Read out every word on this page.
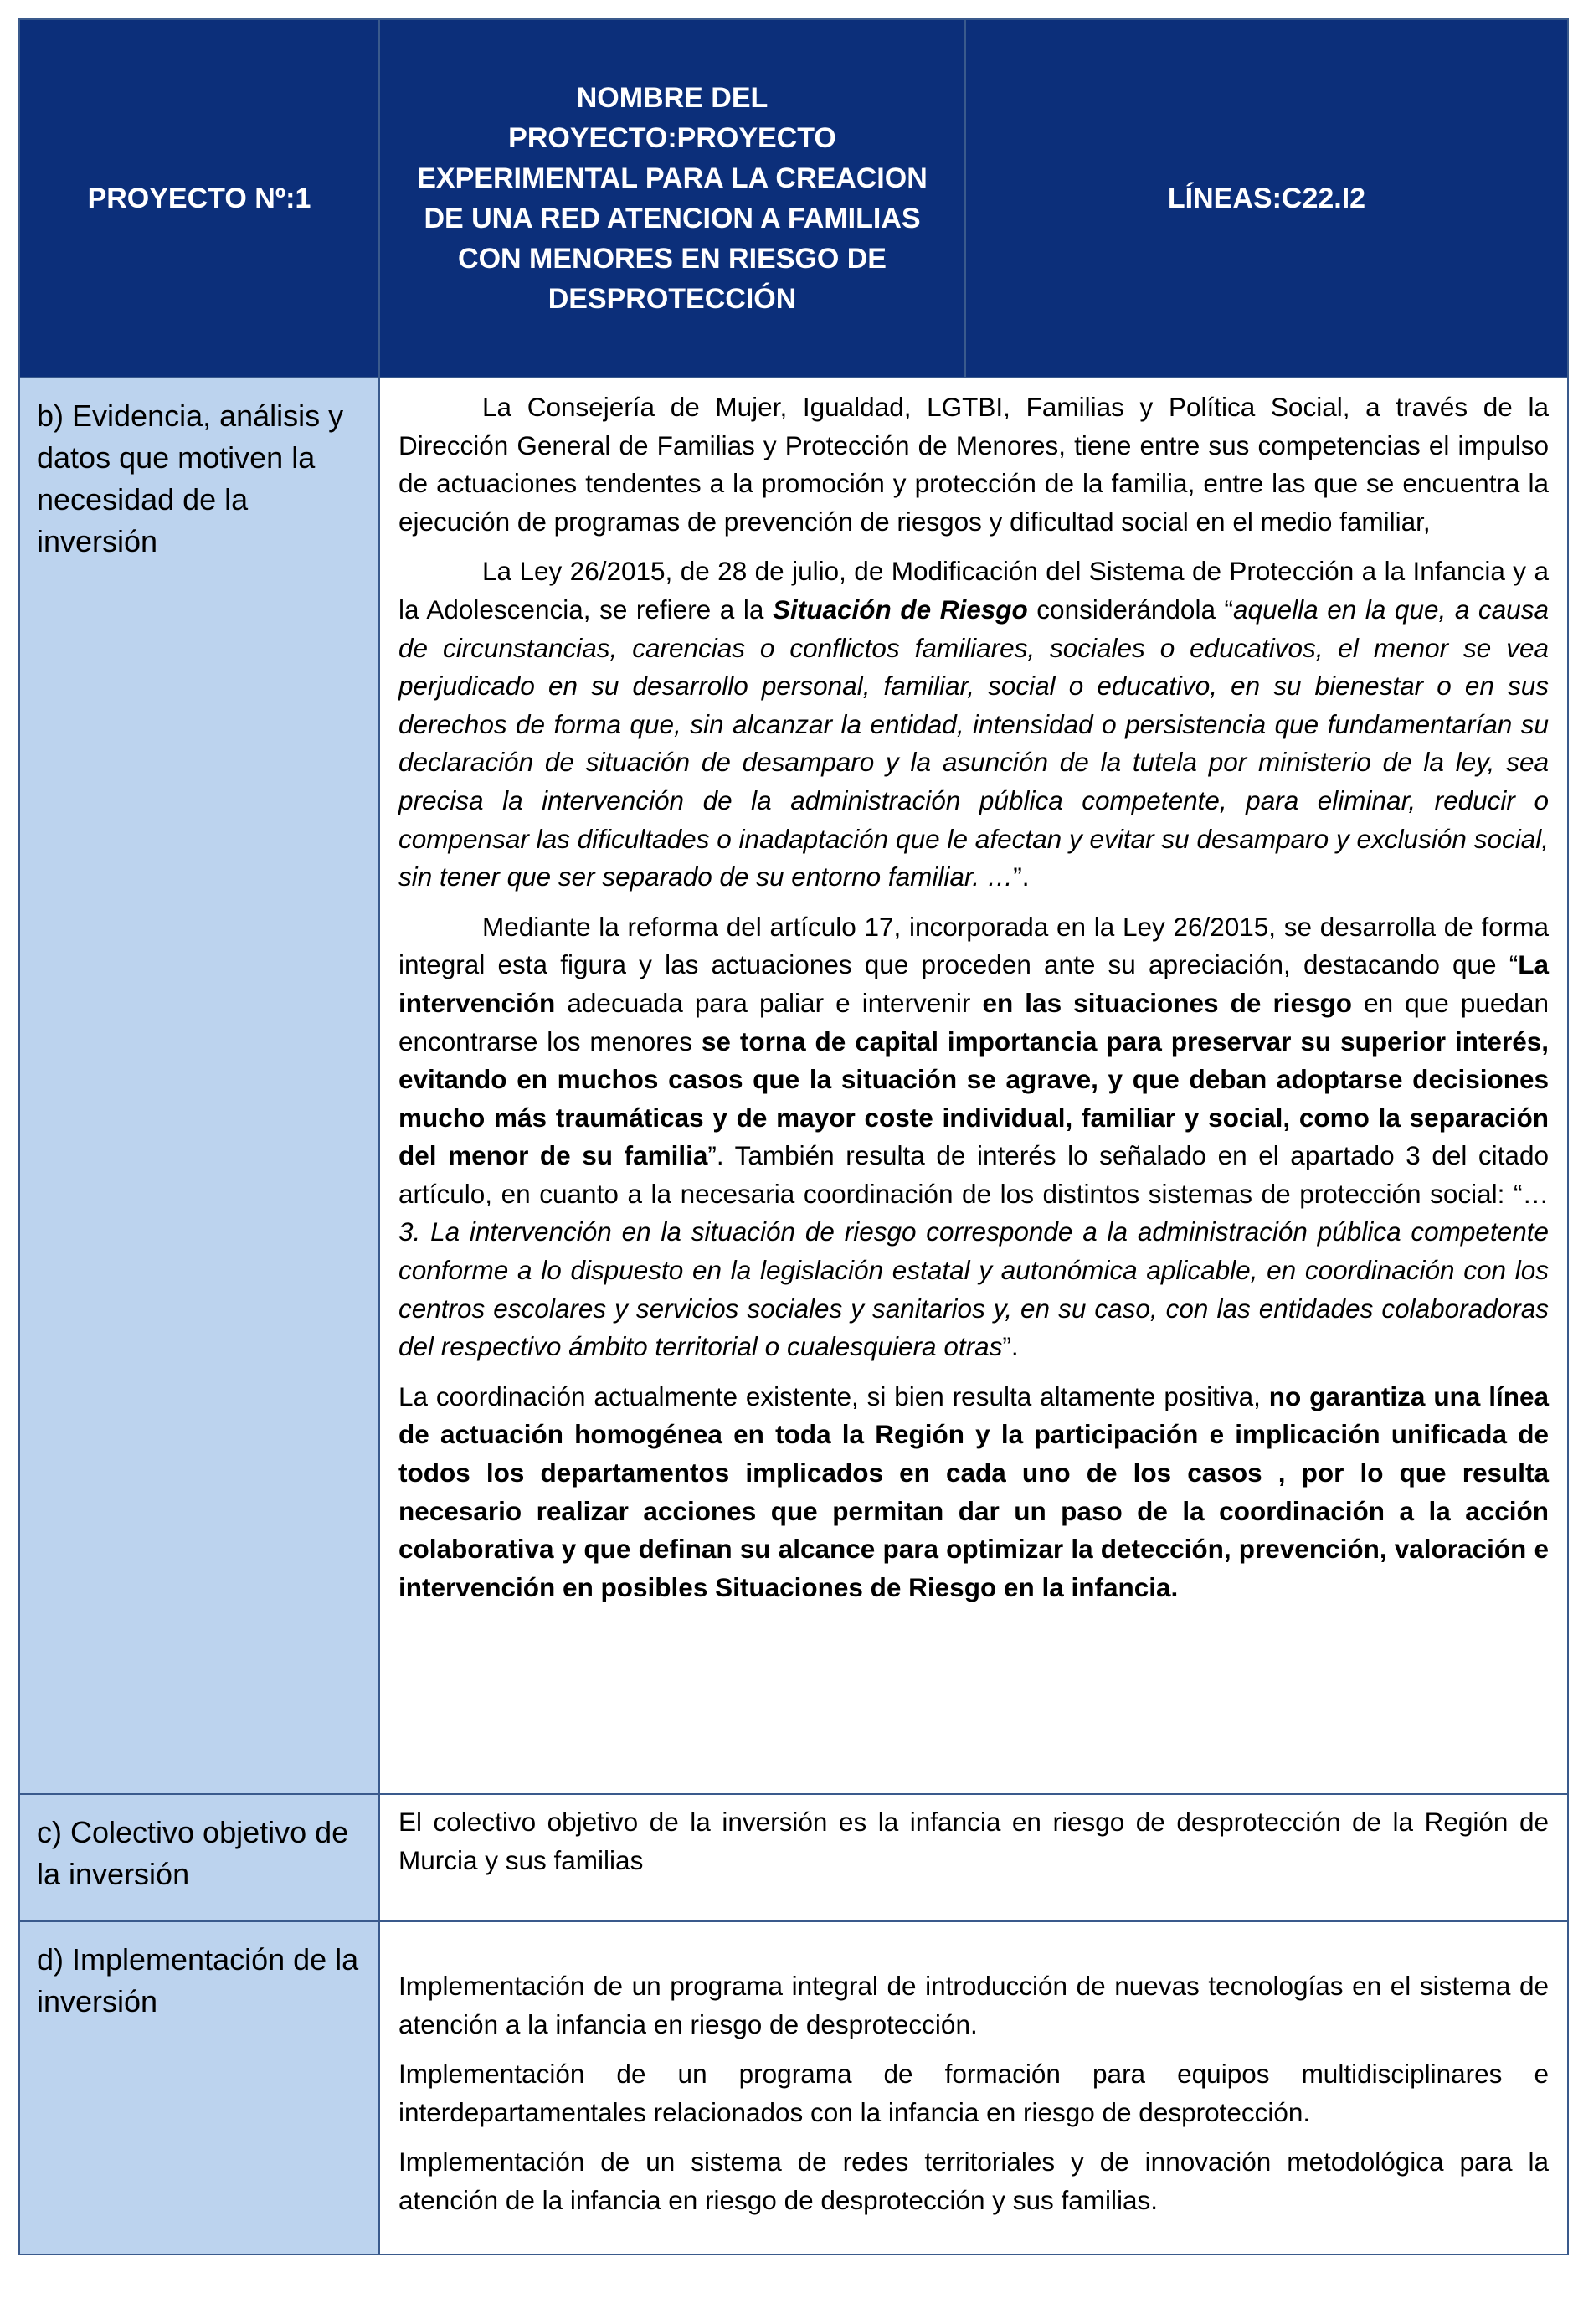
PROYECTO Nº:1	NOMBRE DEL PROYECTO:PROYECTO EXPERIMENTAL PARA LA CREACION DE UNA RED ATENCION A FAMILIAS CON MENORES EN RIESGO DE DESPROTECCIÓN	LÍNEAS:C22.I2

b) Evidencia, análisis y datos que motiven la necesidad de la inversión	La Consejería de Mujer, Igualdad, LGTBI, Familias y Política Social, a través de la Dirección General de Familias y Protección de Menores, tiene entre sus competencias el impulso de actuaciones tendentes a la promoción y protección de la familia, entre las que se encuentra la ejecución de programas de prevención de riesgos y dificultad social en el medio familiar,

La Ley 26/2015, de 28 de julio, de Modificación del Sistema de Protección a la Infancia y a la Adolescencia, se refiere a la Situación de Riesgo considerándola “aquella en la que, a causa de circunstancias, carencias o conflictos familiares, sociales o educativos, el menor se vea perjudicado en su desarrollo personal, familiar, social o educativo, en su bienestar o en sus derechos de forma que, sin alcanzar la entidad, intensidad o persistencia que fundamentarían su declaración de situación de desamparo y la asunción de la tutela por ministerio de la ley, sea precisa la intervención de la administración pública competente, para eliminar, reducir o compensar las dificultades o inadaptación que le afectan y evitar su desamparo y exclusión social, sin tener que ser separado de su entorno familiar. …”.

Mediante la reforma del artículo 17, incorporada en la Ley 26/2015, se desarrolla de forma integral esta figura y las actuaciones que proceden ante su apreciación, destacando que “La intervención adecuada para paliar e intervenir en las situaciones de riesgo en que puedan encontrarse los menores se torna de capital importancia para preservar su superior interés, evitando en muchos casos que la situación se agrave, y que deban adoptarse decisiones mucho más traumáticas y de mayor coste individual, familiar y social, como la separación del menor de su familia”. También resulta de interés lo señalado en el apartado 3 del citado artículo, en cuanto a la necesaria coordinación de los distintos sistemas de protección social: “… 3. La intervención en la situación de riesgo corresponde a la administración pública competente conforme a lo dispuesto en la legislación estatal y autonómica aplicable, en coordinación con los centros escolares y servicios sociales y sanitarios y, en su caso, con las entidades colaboradoras del respectivo ámbito territorial o cualesquiera otras”.

La coordinación actualmente existente, si bien resulta altamente positiva, no garantiza una línea de actuación homogénea en toda la Región y la participación e implicación unificada de todos los departamentos implicados en cada uno de los casos , por lo que resulta necesario realizar acciones que permitan dar un paso de la coordinación a la acción colaborativa y que definan su alcance para optimizar la detección, prevención, valoración e intervención en posibles Situaciones de Riesgo en la infancia.	

c) Colectivo objetivo de la inversión	El colectivo objetivo de la inversión es la infancia en riesgo de desprotección de la Región de Murcia y sus familias	

d) Implementación de la inversión	Implementación de un programa integral de introducción de nuevas tecnologías en el sistema de atención a la infancia en riesgo de desprotección.

Implementación de un programa de formación para equipos multidisciplinares e interdepartamentales relacionados con la infancia en riesgo de desprotección.

Implementación de un sistema de redes territoriales y de innovación metodológica para la atención de la infancia en riesgo de desprotección y sus familias.	
